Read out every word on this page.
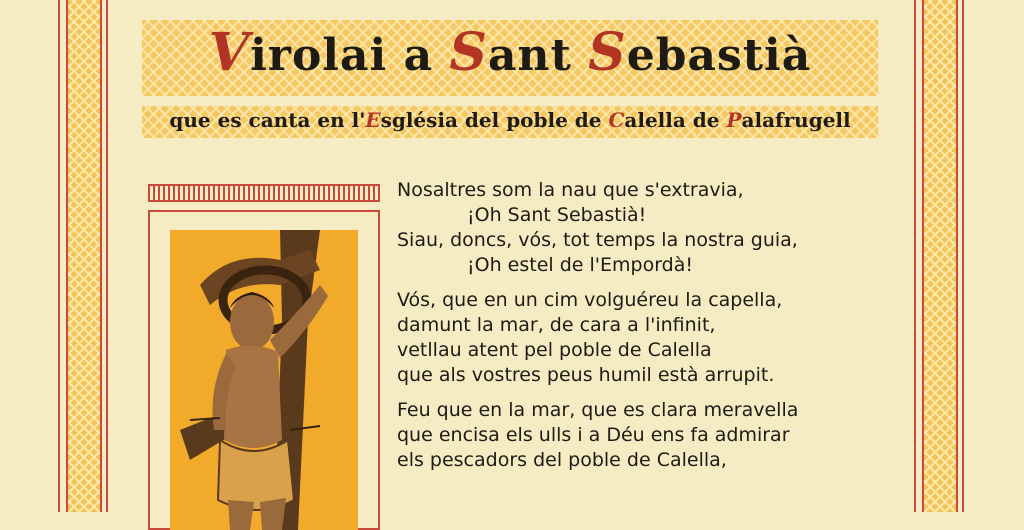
Virolai a Sant Sebastià

que es canta en l'Església del poble de Calella de Palafrugell

Nosaltres som la nau que s'extravia,
¡Oh Sant Sebastià!
Siau, doncs, vós, tot temps la nostra guia,
¡Oh estel de l'Empordà!

Vós, que en un cim volguéreu la capella,
damunt la mar, de cara a l'infinit,
vetllau atent pel poble de Calella
que als vostres peus humil està arrupit.

Feu que en la mar, que es clara meravella
que encisa els ulls i a Déu ens fa admirar
els pescadors del poble de Calella,
